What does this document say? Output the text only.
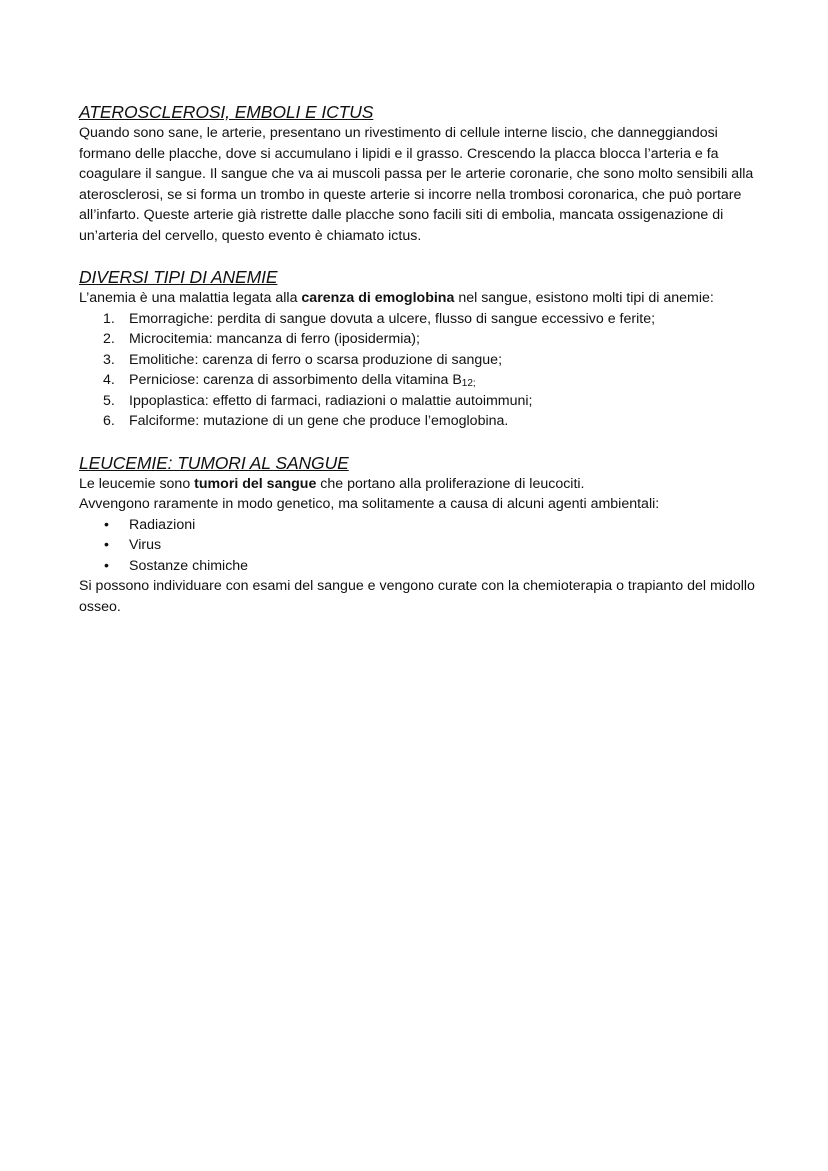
ATEROSCLEROSI, EMBOLI E ICTUS

Quando sono sane, le arterie, presentano un rivestimento di cellule interne liscio, che danneggiandosi formano delle placche, dove si accumulano i lipidi e il grasso. Crescendo la placca blocca l’arteria e fa coagulare il sangue. Il sangue che va ai muscoli passa per le arterie coronarie, che sono molto sensibili alla aterosclerosi, se si forma un trombo in queste arterie si incorre nella trombosi coronarica, che può portare all’infarto. Queste arterie già ristrette dalle placche sono facili siti di embolia, mancata ossigenazione di un’arteria del cervello, questo evento è chiamato ictus.

DIVERSI TIPI DI ANEMIE

L’anemia è una malattia legata alla carenza di emoglobina nel sangue, esistono molti tipi di anemie:

1. Emorragiche: perdita di sangue dovuta a ulcere, flusso di sangue eccessivo e ferite;
2. Microcitemia: mancanza di ferro (iposidermia);
3. Emolitiche: carenza di ferro o scarsa produzione di sangue;
4. Perniciose: carenza di assorbimento della vitamina $B_{12;}$
5. Ippoplastica: effetto di farmaci, radiazioni o malattie autoimmuni;
6. Falciforme: mutazione di un gene che produce l’emoglobina.
LEUCEMIE: TUMORI AL SANGUE

Le leucemie sono tumori del sangue che portano alla proliferazione di leucociti.

Avvengono raramente in modo genetico, ma solitamente a causa di alcuni agenti ambientali:

• Radiazioni
• Virus
• Sostanze chimiche

Si possono individuare con esami del sangue e vengono curate con la chemioterapia o trapianto del midollo osseo.
